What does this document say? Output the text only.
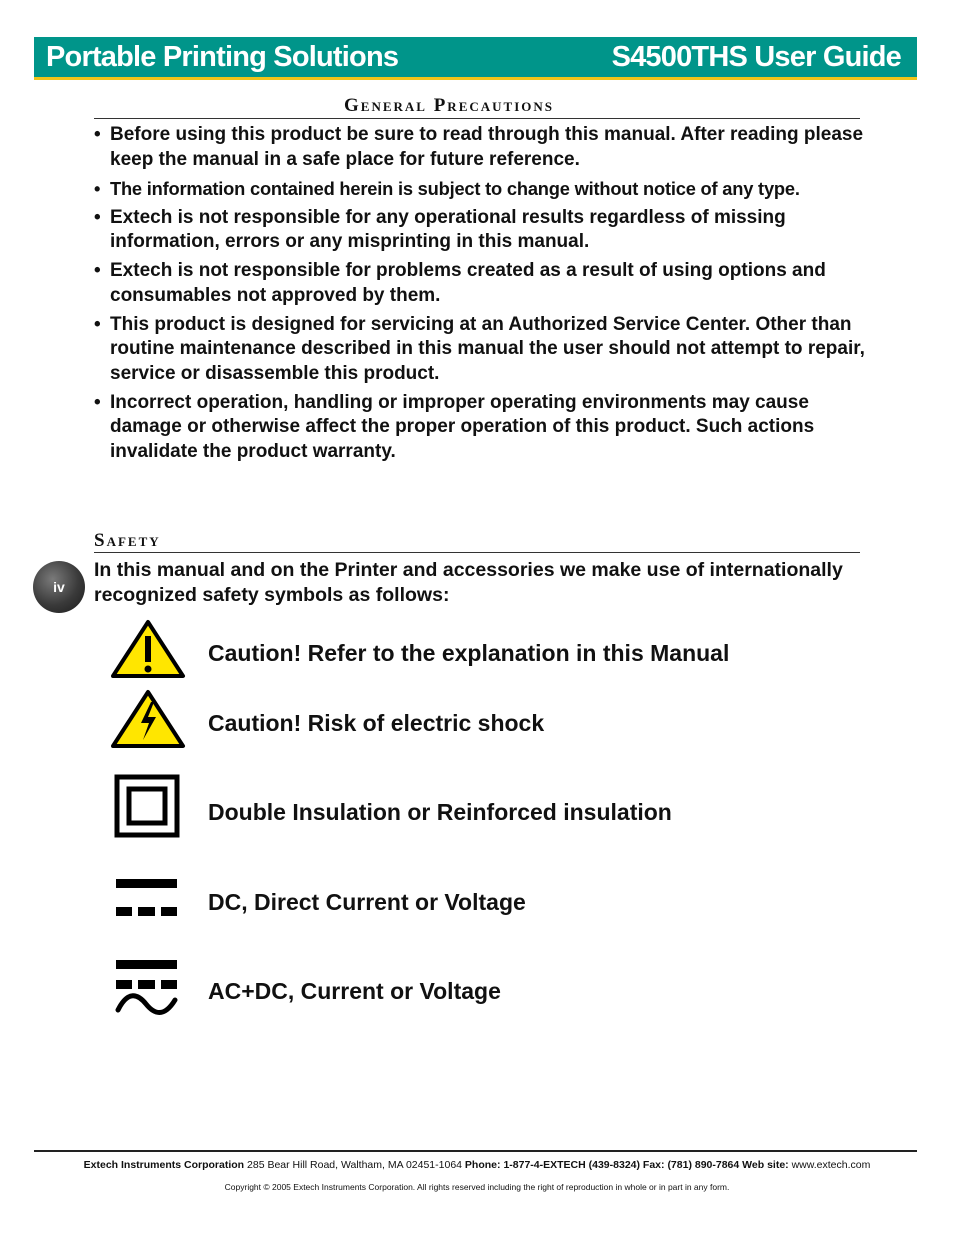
Portable Printing Solutions	S4500THS User Guide
General Precautions
• Before using this product be sure to read through this manual. After reading please keep the manual in a safe place for future reference.
• The information contained herein is subject to change without notice of any type.
• Extech is not responsible for any operational results regardless of missing information, errors or any misprinting in this manual.
• Extech is not responsible for problems created as a result of using options and consumables not approved by them.
• This product is designed for servicing at an Authorized Service Center. Other than routine maintenance described in this manual the user should not attempt to repair, service or disassemble this product.
• Incorrect operation, handling or improper operating environments may cause damage or otherwise affect the proper operation of this product. Such actions invalidate the product warranty.
Safety
iv
In this manual and on the Printer and accessories we make use of internationally recognized safety symbols as follows:
Caution! Refer to the explanation in this Manual
Caution! Risk of electric shock
Double Insulation or Reinforced insulation
DC, Direct Current or Voltage
AC+DC, Current or Voltage
Extech Instruments Corporation 285 Bear Hill Road, Waltham, MA 02451-1064 Phone: 1-877-4-EXTECH (439-8324) Fax: (781) 890-7864 Web site: www.extech.com
Copyright © 2005 Extech Instruments Corporation. All rights reserved including the right of reproduction in whole or in part in any form.
